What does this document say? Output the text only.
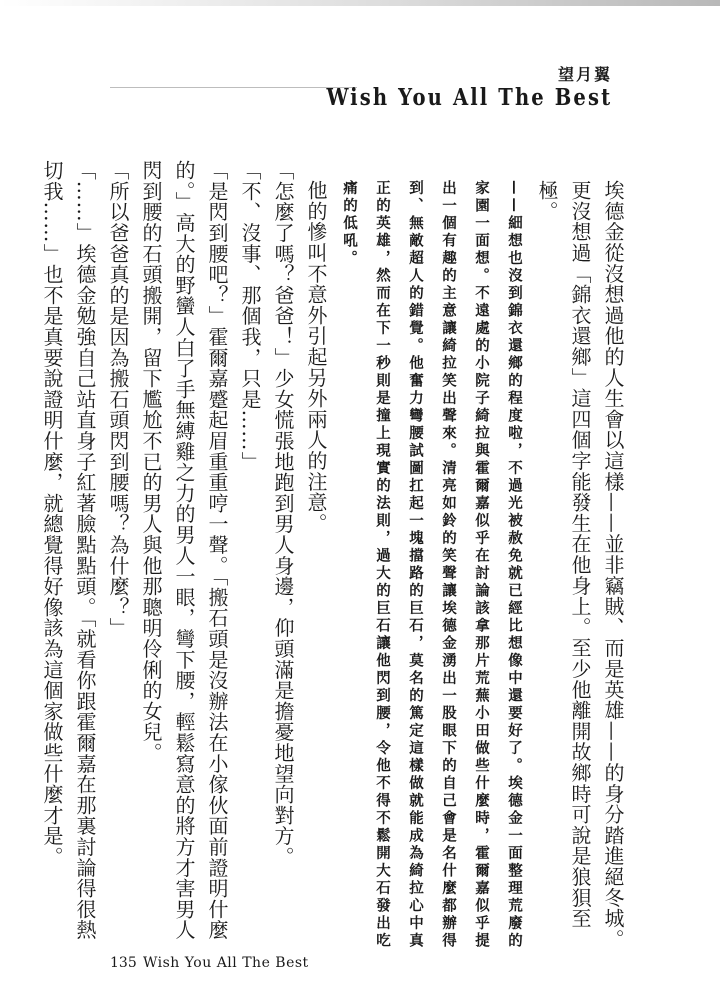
望月翼
Wish You All The Best

埃德金從沒想過他的人生會以這樣——並非竊賊、而是英雄——的身分踏進絕冬城。更沒想過「錦衣還鄉」這四個字能發生在他身上。至少他離開故鄉時可說是狼狽至極。

——細想也沒到錦衣還鄉的程度啦，不過光被赦免就已經比想像中還要好了。埃德金一面整理荒廢的家園一面想。不遠處的小院子綺拉與霍爾嘉似乎在討論該拿那片荒蕪小田做些什麼時，霍爾嘉似乎提出一個有趣的主意讓綺拉笑出聲來。清亮如鈴的笑聲讓埃德金湧出一股眼下的自己會是名什麼都辦得到、無敵超人的錯覺。他奮力彎腰試圖扛起一塊擋路的巨石，莫名的篤定這樣做就能成為綺拉心中真正的英雄，然而在下一秒則是撞上現實的法則，過大的巨石讓他閃到腰，令他不得不鬆開大石發出吃痛的低吼。

他的慘叫不意外引起另外兩人的注意。

「怎麼了嗎？爸爸！」少女慌張地跑到男人身邊，仰頭滿是擔憂地望向對方。

「不、沒事、那個我，只是……」

「是閃到腰吧？」霍爾嘉蹙起眉重重哼一聲。「搬石頭是沒辦法在小傢伙面前證明什麼的。」高大的野蠻人白了手無縛雞之力的男人一眼，彎下腰，輕鬆寫意的將方才害男人閃到腰的石頭搬開，留下尷尬不已的男人與他那聰明伶俐的女兒。

「所以爸爸真的是因為搬石頭閃到腰嗎？為什麼？」

「……」埃德金勉強自己站直身子紅著臉點點頭。「就看你跟霍爾嘉在那裏討論得很熱切我……」也不是真要說證明什麼，就總覺得好像該為這個家做些什麼才是。

135 Wish You All The Best
